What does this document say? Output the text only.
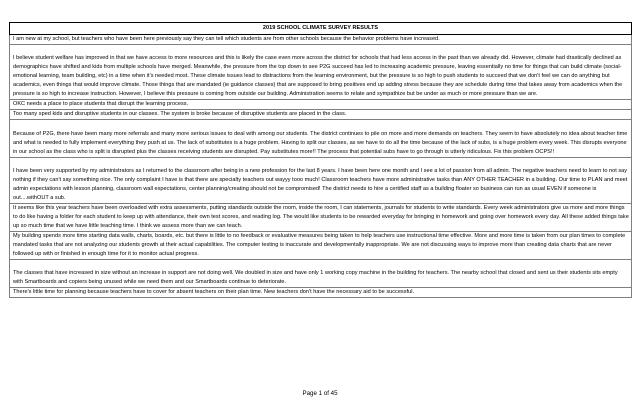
2019 SCHOOL CLIMATE SURVEY RESULTS
I am new at my school, but teachers who have been here previously say they can tell which students are from other schools because the behavior problems have increased.

I believe student welfare has improved in that we have access to more resources and this is likely the case even more across the district for schools that had less access in the past than we already did. However, climate had drastically declined as demographics have shifted and kids from multiple schools have merged. Meanwhile, the pressure from the top down to see P2G succeed has led to increasing academic pressure, leaving essentially no time for things that can build climate (social-emotional learning, team building, etc) in a time when it's needed most. These climate issues lead to distractions from the learning environment, but the pressure is so high to push students to succeed that we don't feel we can do anything but academics, even things that would improve climate. Those things that are mandated (ie guidance classes) that are supposed to bring positives end up adding stress because they are schedule during time that takes away from academics when the pressure is so high to increase instruction. However, I believe this pressure is coming from outside our building. Administration seems to relate and sympathize but be under as much or more pressure than we are.
OKC needs a place to place students that disrupt the learning process.
Too many sped kids and disruptive students in our classes. The system is broke because of disruptive students are placed in the class.

Because of P2G, there have been many more referrals and many more serious issues to deal with among our students. The district continues to pile on more and more demands on teachers. They seem to have absolutely no idea about teacher time and what is needed to fully implement everything they push at us. The lack of substitutes is a huge problem. Having to split our classes, as we have to do all the time because of the lack of subs, is a huge problem every week. This disrupts everyone in our school as the class who is split is disrupted plus the classes receiving students are disrupted. Pay substitutes more!! The process that potential subs have to go through is utterly ridiculous. Fix this problem OCPS!!

I have been very supported by my administrators as I returned to the classroom after being in a new profession for the last 8 years. I have been here one month and I see a lot of passion from all admin. The negative teachers need to learn to not say nothing if they can't say something nice. The only complaint I have is that there are specialty teachers out wayyy tooo much! Classroom teachers have more administrative tasks than ANY OTHER TEACHER in a building. Our time to PLAN and meet admin expectations with lesson planning, classroom wall expectations, center planning/creating should not be compromised! The district needs to hire a certified staff as a building floater so business can run as usual EVEN if someone is out....withOUT a sub.
It seems like this year teachers have been overloaded with extra assessments, putting standards outside the room, inside the room, I can statements, journals for students to write standards. Every week administrators give us more and more things to do like having a folder for each student to keep up with attendance, their own test scores, and reading log. The would like students to be rewarded everyday for bringing in homework and going over homework every day. All these added things take up so much time that we have little teaching time. I think we assess more than we can teach.
My building spends more time starting data walls, charts, boards, etc. but there is little to no feedback or evaluative measures being taken to help teachers use instructional time effective. More and more time is taken from our plan times to complete mandated tasks that are not analyzing our students growth at their actual capabilities. The computer testing is inaccurate and developmentally inappropriate. We are not discussing ways to improve more than creating data charts that are never followed up with or finished in enough time for it to monitor actual progress.

The classes that have increased in size without an increase in support are not doing well. We doubled in size and have only 1 working copy machine in the building for teachers. The nearby school that closed and sent us their students sits empty with Smartboards and copiers being unused while we need them and our Smartboards continue to deteriorate.
There's little time for planning because teachers have to cover for absent teachers on their plan time. New teachers don't have the necessary aid to be successful.
Page 1 of 45
